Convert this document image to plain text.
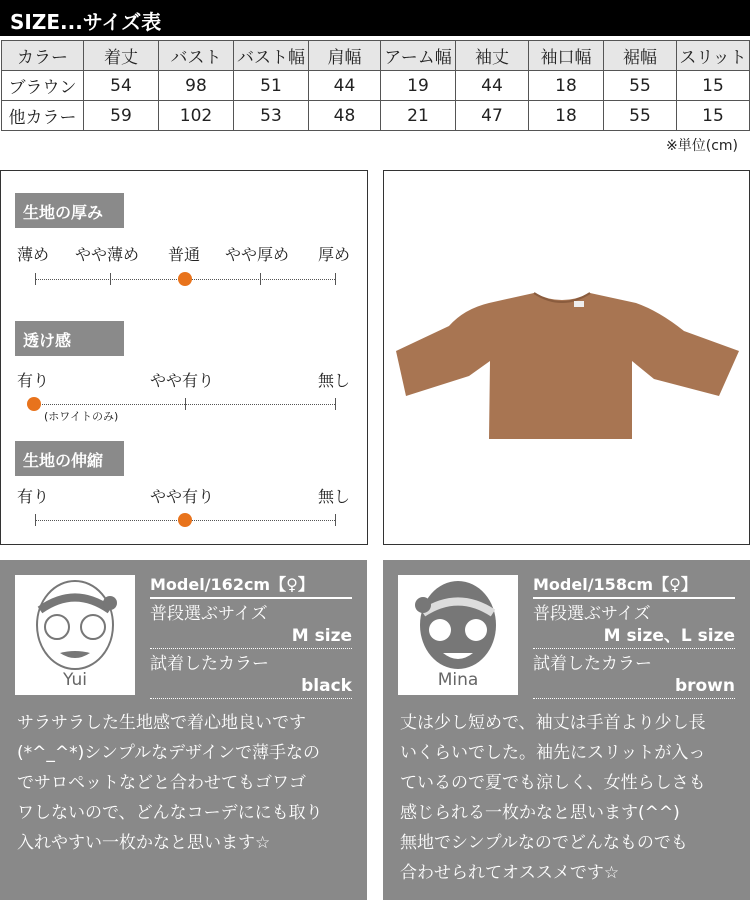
SIZE...サイズ表
カラー	着丈	バスト	バスト幅	肩幅	アーム幅	袖丈	袖口幅	裾幅	スリット
ブラウン	54	98	51	44	19	44	18	55	15
他カラー	59	102	53	48	21	47	18	55	15
※単位(cm)
生地の厚み
薄め やや薄め 普通 やや厚め 厚め
透け感
有り	やや有り	無し
(ホワイトのみ)
生地の伸縮
有り	やや有り	無し
Yui
Model/162cm【♀】
普段選ぶサイズ
M size
試着したカラー
black
サラサラした生地感で着心地良いです
(*^_^*)シンプルなデザインで薄手なの
でサロペットなどと合わせてもゴワゴ
ワしないので、どんなコーデににも取り
入れやすい一枚かなと思います☆
Mina
Model/158cm【♀】
普段選ぶサイズ
M size、L size
試着したカラー
brown
丈は少し短めで、袖丈は手首より少し長
いくらいでした。袖先にスリットが入っ
ているので夏でも涼しく、女性らしさも
感じられる一枚かなと思います(^^)
無地でシンプルなのでどんなものでも
合わせられてオススメです☆
